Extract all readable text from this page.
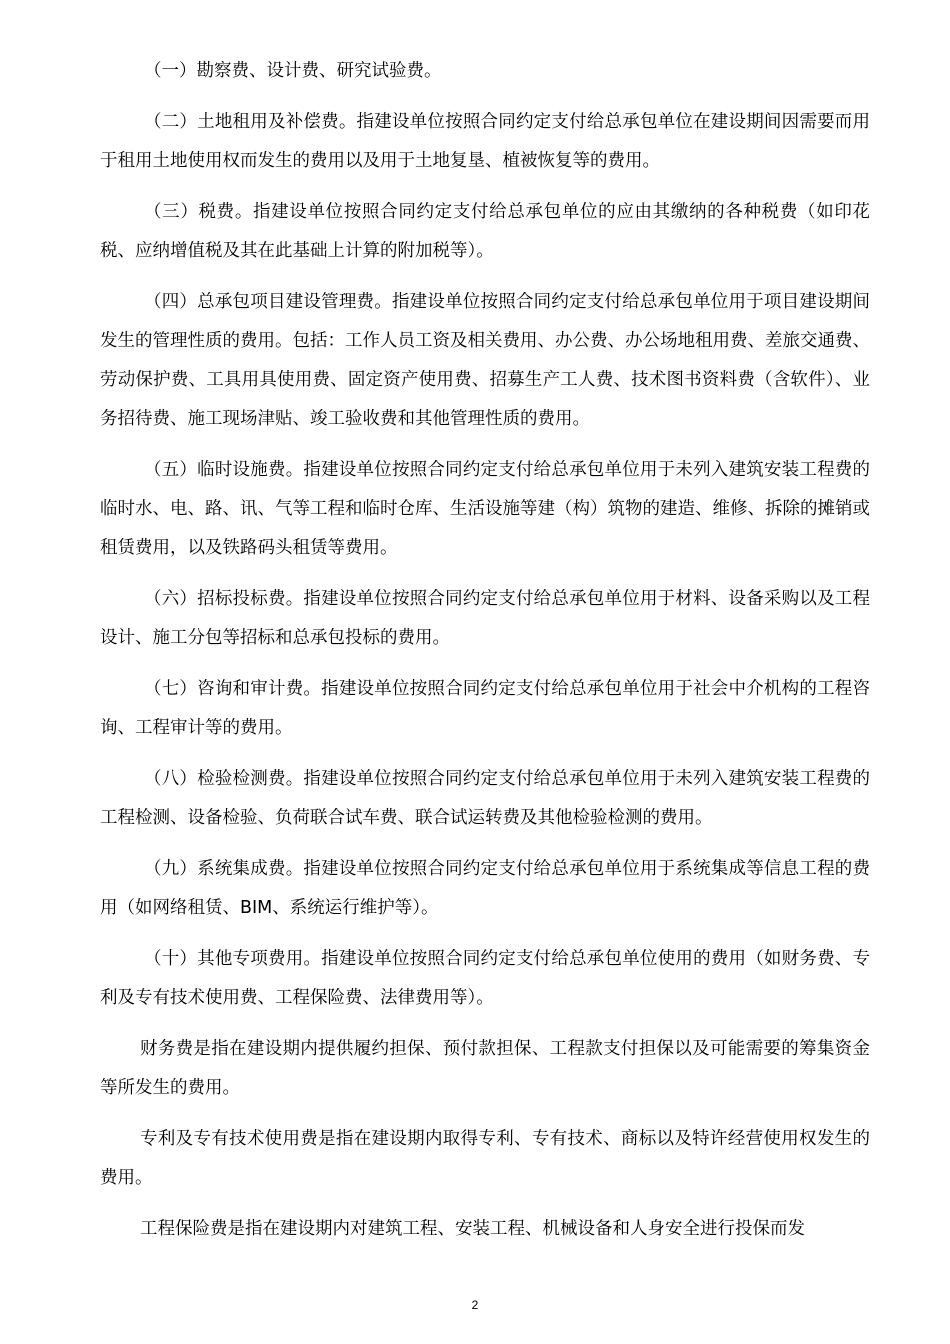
（一）勘察费、设计费、研究试验费。

（二）土地租用及补偿费。指建设单位按照合同约定支付给总承包单位在建设期间因需要而用于租用土地使用权而发生的费用以及用于土地复垦、植被恢复等的费用。

（三）税费。指建设单位按照合同约定支付给总承包单位的应由其缴纳的各种税费（如印花税、应纳增值税及其在此基础上计算的附加税等）。

（四）总承包项目建设管理费。指建设单位按照合同约定支付给总承包单位用于项目建设期间发生的管理性质的费用。包括：工作人员工资及相关费用、办公费、办公场地租用费、差旅交通费、劳动保护费、工具用具使用费、固定资产使用费、招募生产工人费、技术图书资料费（含软件）、业务招待费、施工现场津贴、竣工验收费和其他管理性质的费用。

（五）临时设施费。指建设单位按照合同约定支付给总承包单位用于未列入建筑安装工程费的临时水、电、路、讯、气等工程和临时仓库、生活设施等建（构）筑物的建造、维修、拆除的摊销或租赁费用，以及铁路码头租赁等费用。

（六）招标投标费。指建设单位按照合同约定支付给总承包单位用于材料、设备采购以及工程设计、施工分包等招标和总承包投标的费用。

（七）咨询和审计费。指建设单位按照合同约定支付给总承包单位用于社会中介机构的工程咨询、工程审计等的费用。

（八）检验检测费。指建设单位按照合同约定支付给总承包单位用于未列入建筑安装工程费的工程检测、设备检验、负荷联合试车费、联合试运转费及其他检验检测的费用。

（九）系统集成费。指建设单位按照合同约定支付给总承包单位用于系统集成等信息工程的费用（如网络租赁、BIM、系统运行维护等）。

（十）其他专项费用。指建设单位按照合同约定支付给总承包单位使用的费用（如财务费、专利及专有技术使用费、工程保险费、法律费用等）。

财务费是指在建设期内提供履约担保、预付款担保、工程款支付担保以及可能需要的筹集资金等所发生的费用。

专利及专有技术使用费是指在建设期内取得专利、专有技术、商标以及特许经营使用权发生的费用。

工程保险费是指在建设期内对建筑工程、安装工程、机械设备和人身安全进行投保而发

2
